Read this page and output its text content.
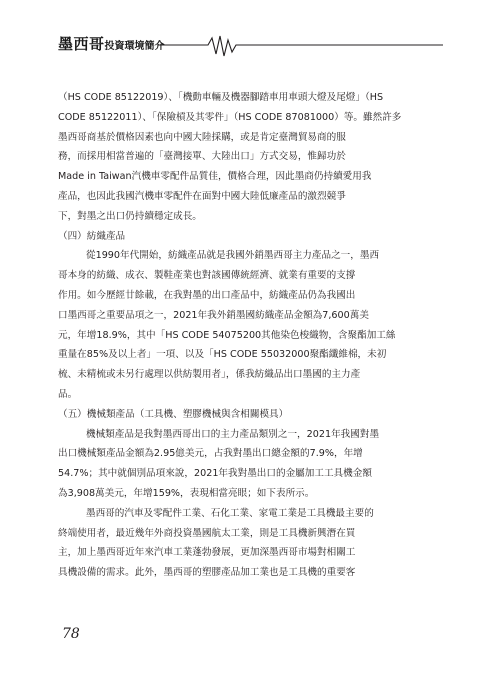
墨西哥投資環境簡介

（HS CODE 85122019）、「機動車輛及機器腳踏車用車頭大燈及尾燈」（HS

CODE 85122011）、「保險槓及其零件」（HS CODE 87081000）等。雖然許多

墨西哥商基於價格因素也向中國大陸採購，或是肯定臺灣貿易商的服

務，而採用相當普遍的「臺灣接單、大陸出口」方式交易，惟歸功於

Made in Taiwan汽機車零配件品質佳，價格合理，因此墨商仍持續愛用我

產品，也因此我國汽機車零配件在面對中國大陸低廉產品的激烈競爭

下，對墨之出口仍持續穩定成長。

（四）紡織產品

從1990年代開始，紡織產品就是我國外銷墨西哥主力產品之一，墨西

哥本身的紡織、成衣、製鞋產業也對該國傳統經濟、就業有重要的支撐

作用。如今歷經廿餘載，在我對墨的出口產品中，紡織產品仍為我國出

口墨西哥之重要品項之一，2021年我外銷墨國紡織產品金額為7,600萬美

元，年增18.9%，其中「HS CODE 54075200其他染色梭織物，含聚酯加工絲

重量在85%及以上者」一項、以及「HS CODE 55032000聚酯纖維棉，未初

梳、未精梳或未另行處理以供紡製用者」，係我紡織品出口墨國的主力產

品。

（五）機械類產品（工具機、塑膠機械與含相關模具）

機械類產品是我對墨西哥出口的主力產品類別之一，2021年我國對墨

出口機械類產品金額為2.95億美元，占我對墨出口總金額的7.9%，年增

54.7%；其中就個別品項來說，2021年我對墨出口的金屬加工工具機金額

為3,908萬美元，年增159%，表現相當亮眼；如下表所示。

墨西哥的汽車及零配件工業、石化工業、家電工業是工具機最主要的

終端使用者，最近幾年外商投資墨國航太工業，則是工具機新興潛在買

主，加上墨西哥近年來汽車工業蓬勃發展，更加深墨西哥市場對相關工

具機設備的需求。此外，墨西哥的塑膠產品加工業也是工具機的重要客

78
